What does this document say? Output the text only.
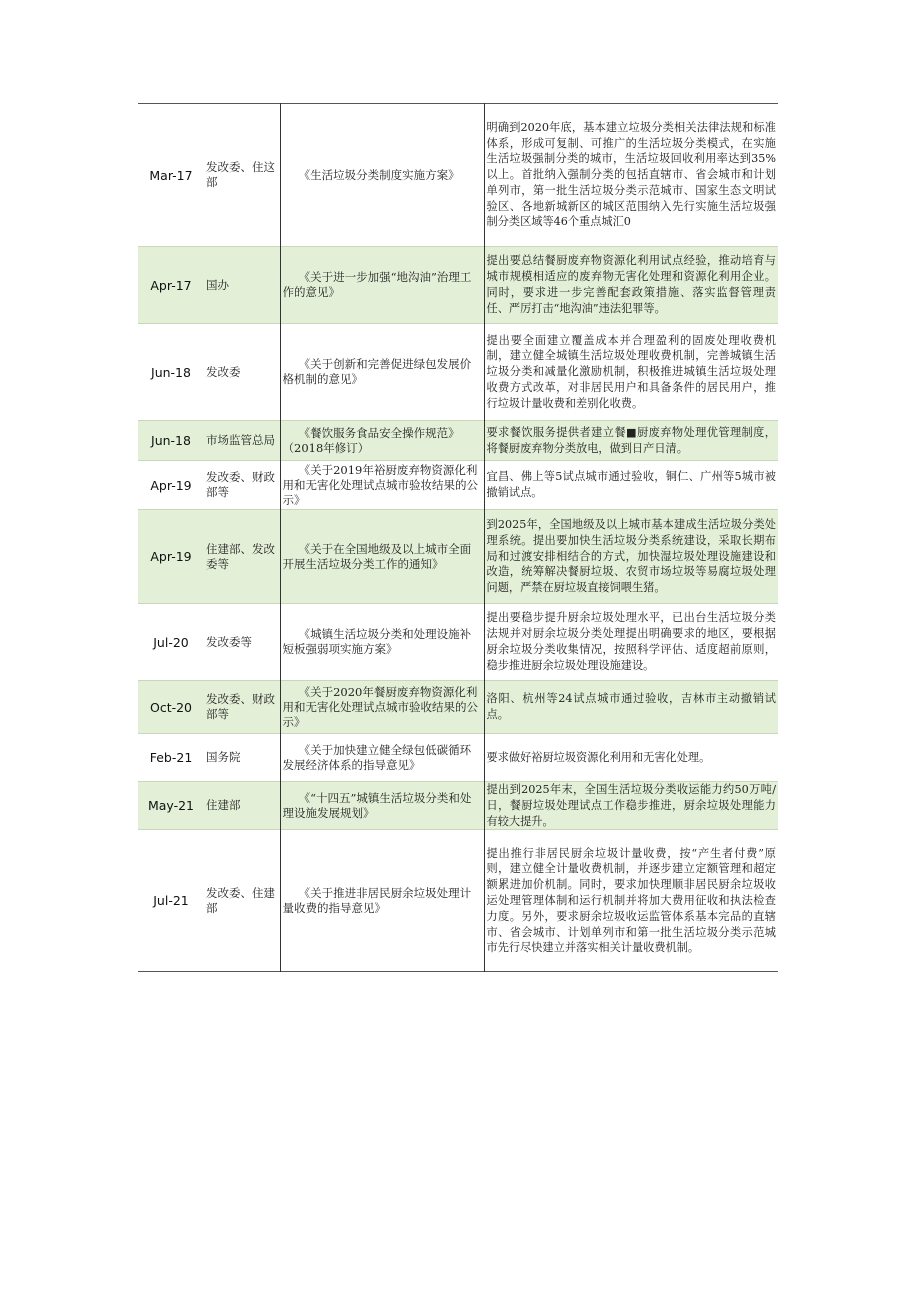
Mar-17	发改委、住这部	《生活垃圾分类制度实施方案》	明确到2020年底，基本建立垃圾分类相关法律法规和标准体系，形成可复制、可推广的生活垃圾分类模式，在实施生活垃圾强制分类的城市，生活垃圾回收利用率达到35%以上。首批纳入强制分类的包括直辖市、省会城市和计划单列市，第一批生活垃圾分类示范城市、国家生态文明试验区、各地新城新区的城区范围纳入先行实施生活垃圾强制分类区域等46个重点城汇0
Apr-17	国办	《关于进一步加强“地沟油”治理工作的意见》	提出要总结餐厨废弃物资源化利用试点经验，推动培育与城市规模相适应的废弃物无害化处理和资源化利用企业。同时，要求进一步完善配套政策措施、落实监督管理责任、严厉打击“地沟油”违法犯罪等。
Jun-18	发改委	《关于创新和完善促进绿包发展价格机制的意见》	提出要全面建立覆盖成本并合理盈利的固废处理收费机制，建立健全城镇生活垃圾处理收费机制，完善城镇生活垃圾分类和减量化激励机制，积极推进城镇生活垃圾处理收费方式改革，对非居民用户和具备条件的居民用户，推行垃圾计量收费和差别化收费。
Jun-18	市场监管总局	《餐饮服务食品安全操作规范》（2018年修订）	要求餐饮服务提供者建立餐■厨废弃物处理优管理制度，将餐厨废弃物分类放电，做到日产日清。
Apr-19	发改委、财政部等	《关于2019年裕厨废弃物资源化利用和无害化处理试点城市验妆结果的公示》	宜昌、佛上等5试点城市通过验收，铜仁、广州等5城市被撤销试点。
Apr-19	住建部、发改委等	《关于在全国地级及以上城市全面开展生活垃圾分类工作的通知》	到2025年，全国地级及以上城市基本建成生活垃圾分类处理系统。提出要加快生活垃圾分类系统建设，采取长期布局和过渡安排相结合的方式，加快湿垃圾处理设施建设和改造，统筹解决餐厨垃圾、农贸市场垃圾等易腐垃圾处理问题，严禁在厨垃圾直接饲喂生猪。
Jul-20	发改委等	《城镇生活垃圾分类和处理设施补短板强弱项实施方案》	提出要稳步提升厨余垃圾处理水平，已出台生活垃圾分类法规并对厨余垃圾分类处理提出明确要求的地区，要根据厨余垃圾分类收集情况，按照科学评估、适度超前原则，稳步推进厨余垃圾处理设施建设。
Oct-20	发改委、财政部等	《关于2020年餐厨废弃物资源化利用和无害化处理试点城市验收结果的公示》	洛阳、杭州等24试点城市通过验收，吉林市主动撤销试点。
Feb-21	国务院	《关于加快建立健全绿包低碳循环发展经济体系的指导意见》	要求做好裕厨垃圾资源化利用和无害化处理。
May-21	住建部	《“十四五”城镇生活垃圾分类和处理设施发展规划》	提出到2025年末，全国生活垃圾分类收运能力约50万吨/日，餐厨垃圾处理试点工作稳步推进，厨余垃圾处理能力有较大提升。
Jul-21	发改委、住建部	《关于推进非居民厨余垃圾处理计量收费的指导意见》	提出推行非居民厨余垃圾计量收费，按“产生者付费”原则，建立健全计量收费机制，并逐步建立定额管理和超定额累进加价机制。同时，要求加快理顺非居民厨余垃圾收运处理管理体制和运行机制并将加大费用征收和执法检查力度。另外，要求厨余垃圾收运监管体系基本完品的直辖市、省会城市、计划单列市和第一批生活垃圾分类示范城市先行尽快建立并落实相关计量收费机制。
